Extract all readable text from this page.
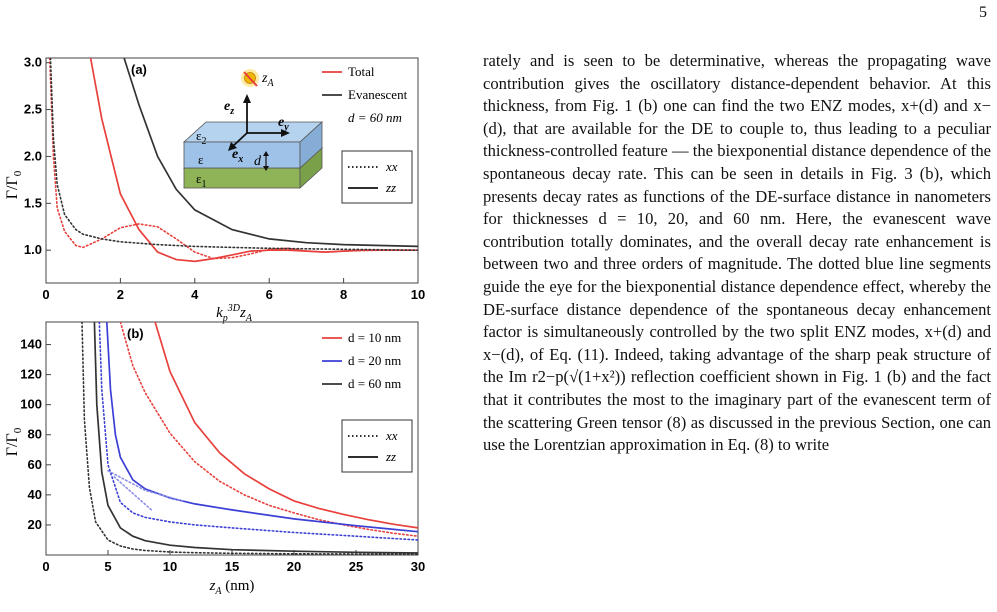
5
(a)
0	2	4	6	8	10
1.0
1.5
2.0
2.5
3.0
$\Gamma/\Gamma_0$
$k_p^{3D}z_A$
$z_A$
$e_z$
$e_x$
$e_y$
$\varepsilon_2$
ε
$\varepsilon_1$
d
Total
Evanescent
d = 60 nm
xx
zz
(b)
0	5	10	15	20	25	30
20
40
60
80
100
120
140
$\Gamma/\Gamma_0$
$z_A$ (nm)
d = 10 nm
d = 20 nm
d = 60 nm
xx
zz

rately and is seen to be determinative, whereas the propagating wave contribution gives the oscillatory distance-dependent behavior. At this thickness, from Fig. 1 (b) one can find the two ENZ modes, x+(d) and x−(d), that are available for the DE to couple to, thus leading to a peculiar thickness-controlled feature — the biexponential distance dependence of the spontaneous decay rate. This can be seen in details in Fig. 3 (b), which presents decay rates as functions of the DE-surface distance in nanometers for thicknesses d = 10, 20, and 60 nm. Here, the evanescent wave contribution totally dominates, and the overall decay rate enhancement is between two and three orders of magnitude. The dotted blue line segments guide the eye for the biexponential distance dependence effect, whereby the DE-surface distance dependence of the spontaneous decay enhancement factor is simultaneously controlled by the two split ENZ modes, x+(d) and x−(d), of Eq. (11). Indeed, taking advantage of the sharp peak structure of the Im r2−p(√(1+x²)) reflection coefficient shown in Fig. 1 (b) and the fact that it contributes the most to the imaginary part of the evanescent term of the scattering Green tensor (8) as discussed in the previous Section, one can use the Lorentzian approximation in Eq. (8) to write
